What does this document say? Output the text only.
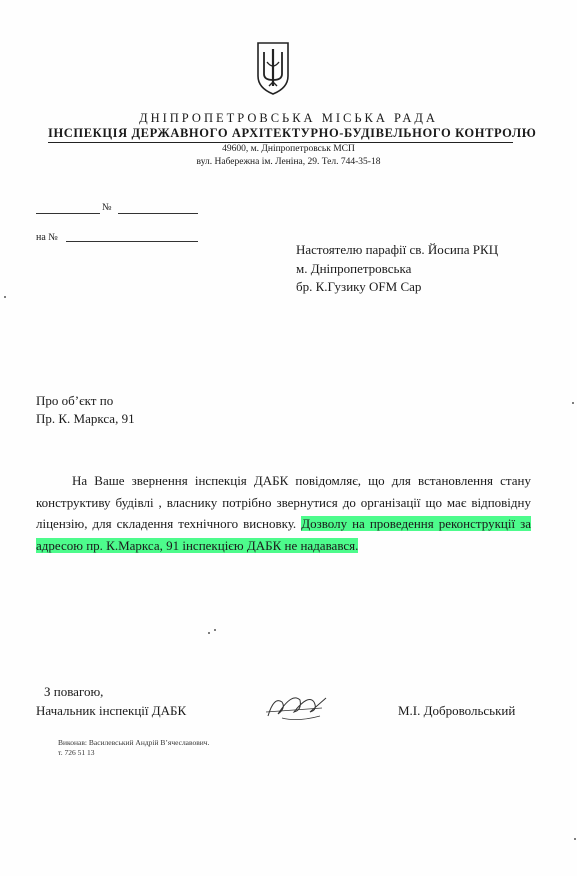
ДНІПРОПЕТРОВСЬКА МІСЬКА РАДА
ІНСПЕКЦІЯ ДЕРЖАВНОГО АРХІТЕКТУРНО-БУДІВЕЛЬНОГО КОНТРОЛЮ
49600, м. Дніпропетровськ МСП
вул. Набережна ім. Леніна, 29. Тел. 744-35-18
№
на №
Настоятелю парафії св. Йосипа РКЦ
м. Дніпропетровська
бр. К.Гузику OFM Cap
Про об’єкт по
Пр. К. Маркса, 91
На Ваше звернення інспекція ДАБК повідомляє, що для встановлення стану конструктиву будівлі , власнику потрібно звернутися до організації що має відповідну ліцензію, для складення технічного висновку. Дозволу на проведення реконструкції за адресою пр. К.Маркса, 91 інспекцією ДАБК не надавався.
З повагою,
Начальник інспекції ДАБК	М.І. Добровольський
Виконав: Василевський Андрій В’ячеславович.
т. 726 51 13
